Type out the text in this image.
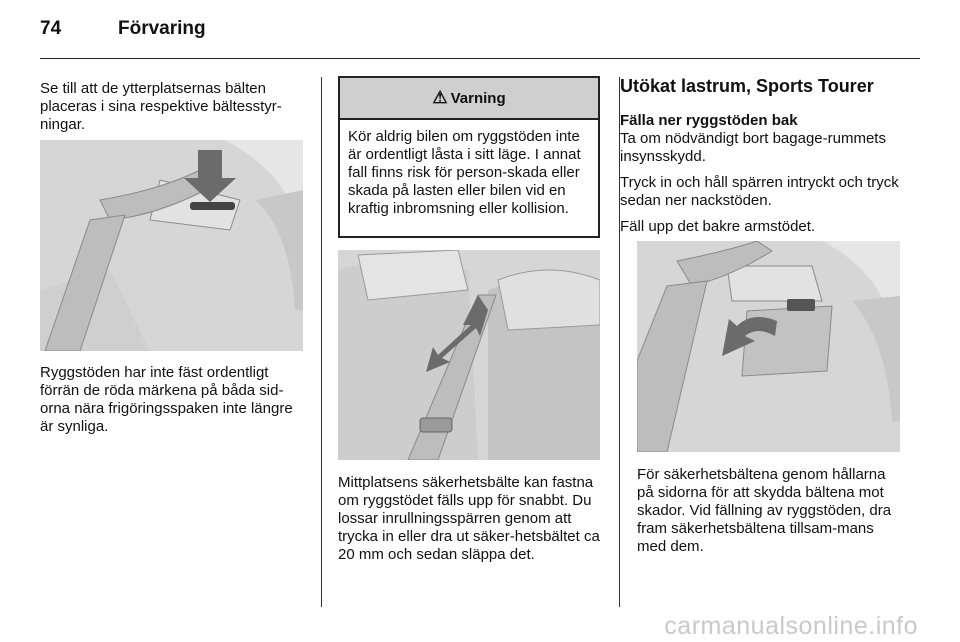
74	Förvaring

Se till att de ytterplatsernas bälten placeras i sina respektive bältesstyr-ningar.

Ryggstöden har inte fäst ordentligt förrän de röda märkena på båda sid-orna nära frigöringsspaken inte längre är synliga.

⚠ Varning

Kör aldrig bilen om ryggstöden inte är ordentligt låsta i sitt läge. I annat fall finns risk för person-skada eller skada på lasten eller bilen vid en kraftig inbromsning eller kollision.

Mittplatsens säkerhetsbälte kan fastna om ryggstödet fälls upp för snabbt. Du lossar inrullningsspärren genom att trycka in eller dra ut säker-hetsbältet ca 20 mm och sedan släppa det.

Utökat lastrum, Sports Tourer
Fälla ner ryggstöden bak

Ta om nödvändigt bort bagage-rummets insynsskydd.

Tryck in och håll spärren intryckt och tryck sedan ner nackstöden.

Fäll upp det bakre armstödet.

För säkerhetsbältena genom hållarna på sidorna för att skydda bältena mot skador. Vid fällning av ryggstöden, dra fram säkerhetsbältena tillsam-mans med dem.

carmanualsonline.info
